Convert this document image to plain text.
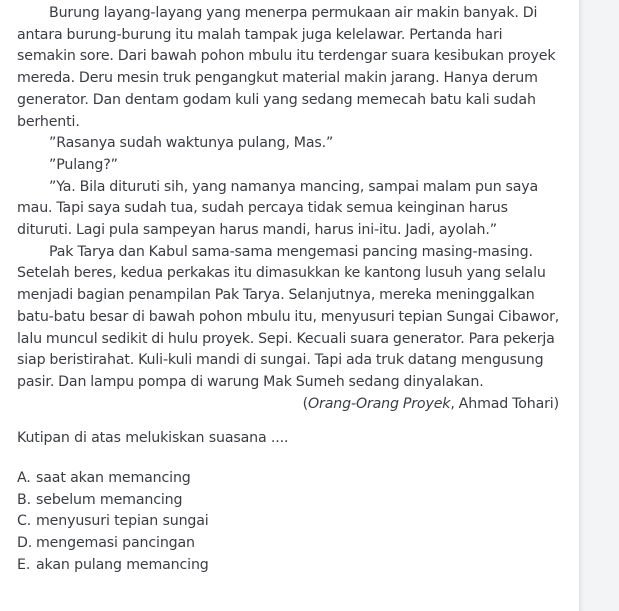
Burung layang-layang yang menerpa permukaan air makin banyak. Di antara burung-burung itu malah tampak juga kelelawar. Pertanda hari semakin sore. Dari bawah pohon mbulu itu terdengar suara kesibukan proyek mereda. Deru mesin truk pengangkut material makin jarang. Hanya derum generator. Dan dentam godam kuli yang sedang memecah batu kali sudah berhenti.

”Rasanya sudah waktunya pulang, Mas.”

”Pulang?”

”Ya. Bila dituruti sih, yang namanya mancing, sampai malam pun saya mau. Tapi saya sudah tua, sudah percaya tidak semua keinginan harus dituruti. Lagi pula sampeyan harus mandi, harus ini-itu. Jadi, ayolah.”

Pak Tarya dan Kabul sama-sama mengemasi pancing masing-masing. Setelah beres, kedua perkakas itu dimasukkan ke kantong lusuh yang selalu menjadi bagian penampilan Pak Tarya. Selanjutnya, mereka meninggalkan batu-batu besar di bawah pohon mbulu itu, menyusuri tepian Sungai Cibawor, lalu muncul sedikit di hulu proyek. Sepi. Kecuali suara generator. Para pekerja siap beristirahat. Kuli-kuli mandi di sungai. Tapi ada truk datang mengusung pasir. Dan lampu pompa di warung Mak Sumeh sedang dinyalakan.

(Orang-Orang Proyek, Ahmad Tohari)

Kutipan di atas melukiskan suasana ....
A. saat akan memancing
B. sebelum memancing
C. menyusuri tepian sungai
D. mengemasi pancingan
E. akan pulang memancing
